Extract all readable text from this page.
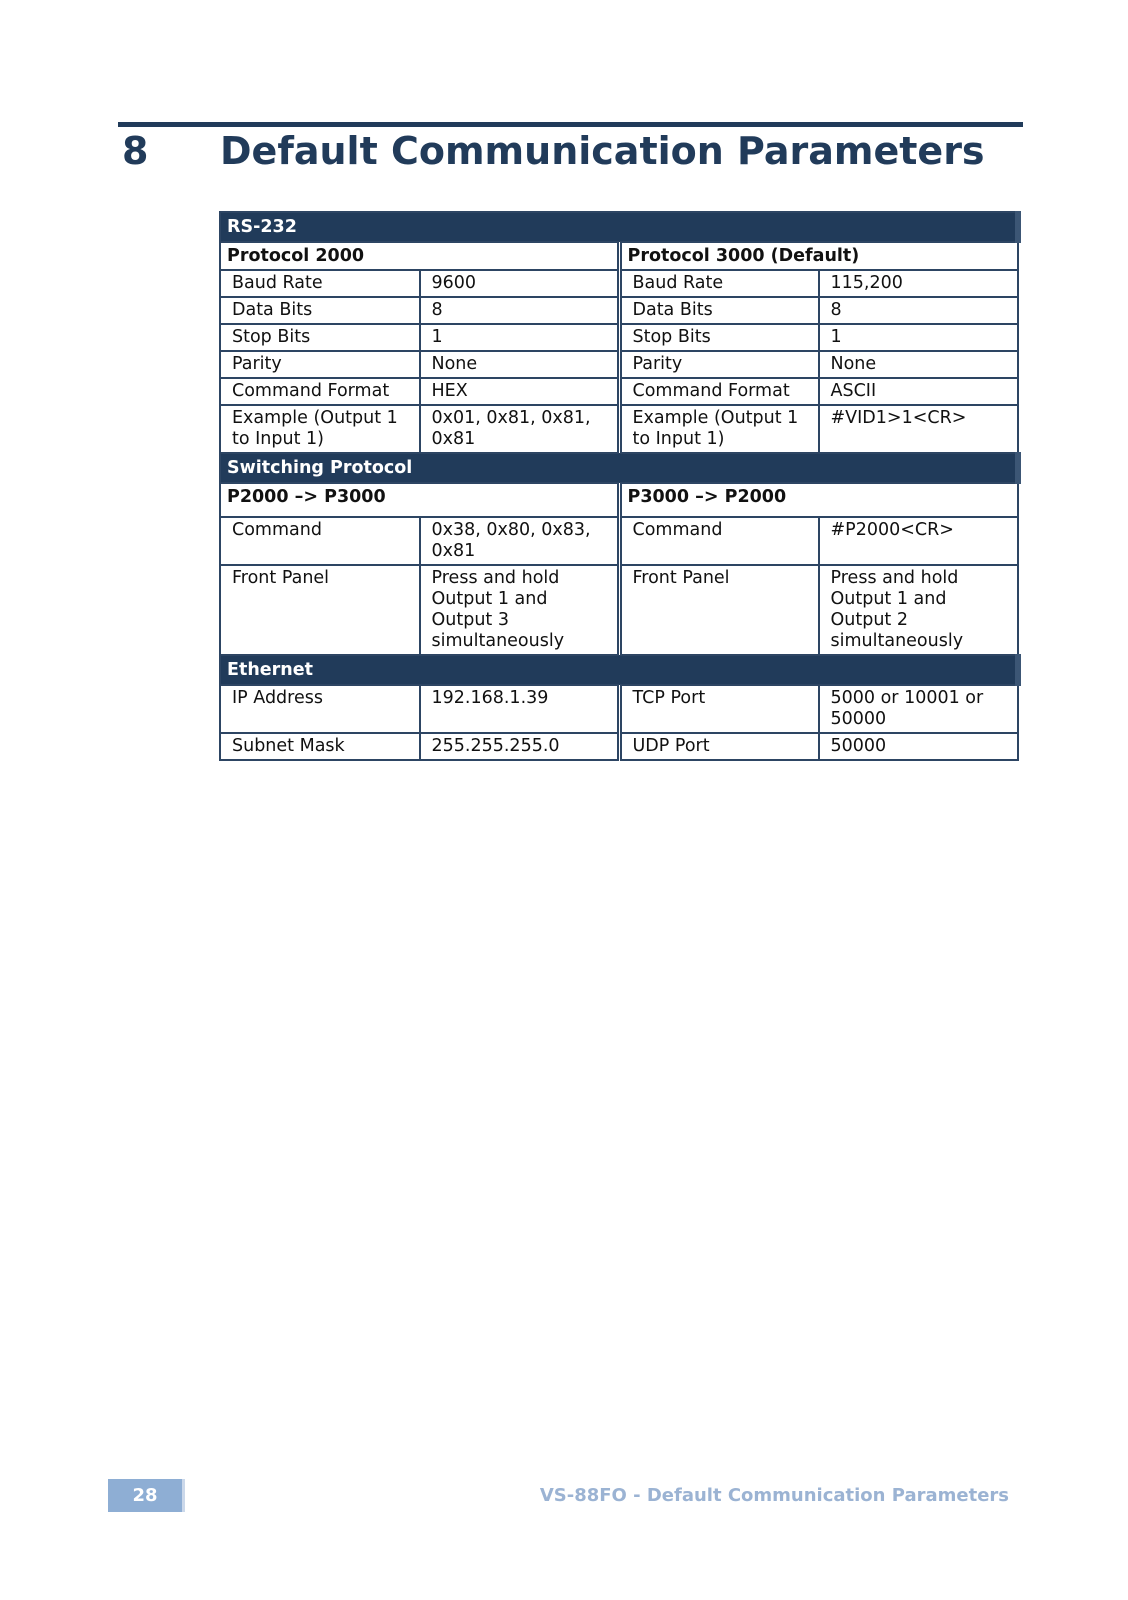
8 Default Communication Parameters
RS-232			
Protocol 2000		Protocol 3000 (Default)	
Baud Rate	9600	Baud Rate	115,200
Data Bits	8	Data Bits	8
Stop Bits	1	Stop Bits	1
Parity	None	Parity	None
Command Format	HEX	Command Format	ASCII
Example (Output 1 to Input 1)	0x01, 0x81, 0x81, 0x81	Example (Output 1 to Input 1)	#VID1>1<CR>
Switching Protocol			
P2000 –> P3000		P3000 –> P2000	
Command	0x38, 0x80, 0x83, 0x81	Command	#P2000<CR>
Front Panel	Press and hold Output 1 and Output 3 simultaneously	Front Panel	Press and hold Output 1 and Output 2 simultaneously
Ethernet			
IP Address	192.168.1.39	TCP Port	5000 or 10001 or 50000
Subnet Mask	255.255.255.0	UDP Port	50000
28	VS-88FO - Default Communication Parameters
